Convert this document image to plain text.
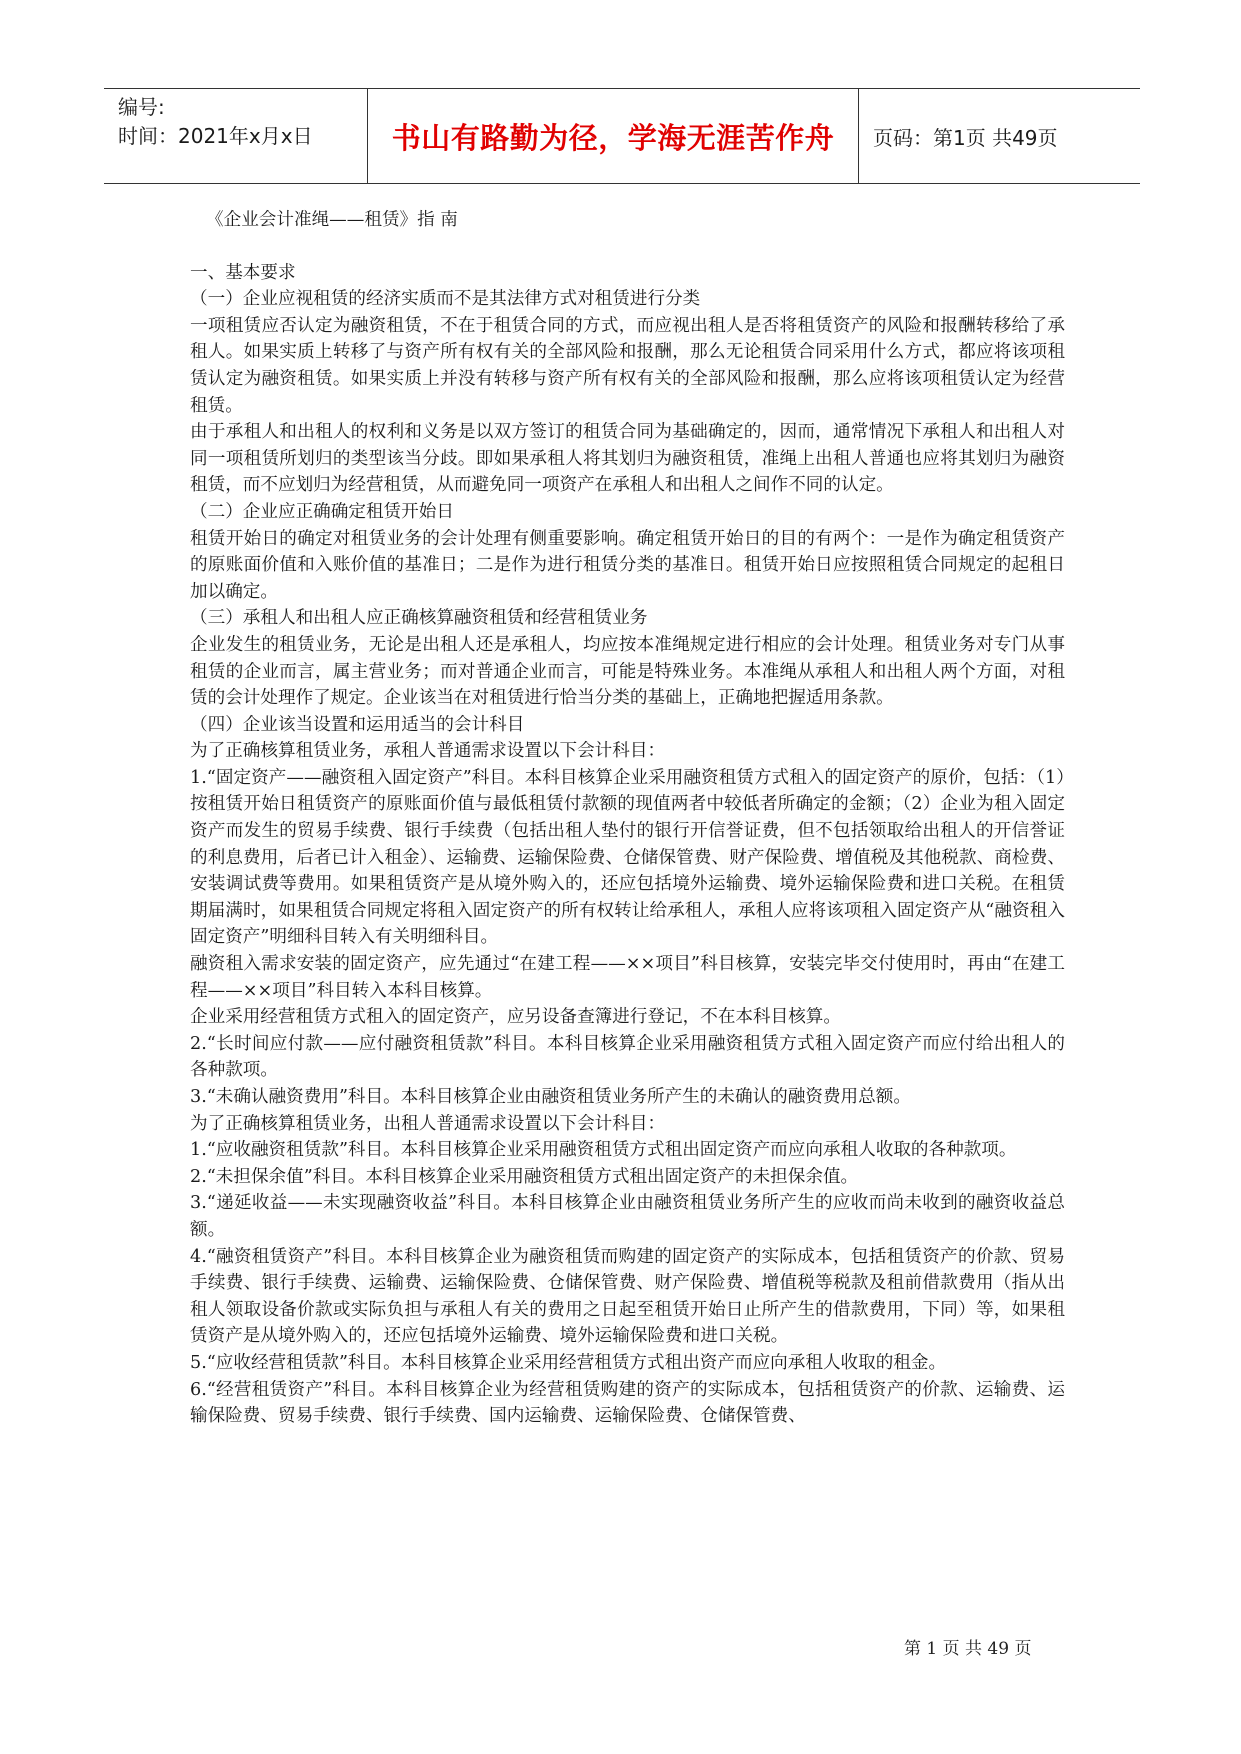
编号:
时间：2021年x月x日	书山有路勤为径，学海无涯苦作舟 页码：第1页 共49页

《企业会计准绳——租赁》指 南

一、基本要求

（一）企业应视租赁的经济实质而不是其法律方式对租赁进行分类

一项租赁应否认定为融资租赁，不在于租赁合同的方式，而应视出租人是否将租赁资产的风险和报酬转移给了承租人。如果实质上转移了与资产所有权有关的全部风险和报酬，那么无论租赁合同采用什么方式，都应将该项租赁认定为融资租赁。如果实质上并没有转移与资产所有权有关的全部风险和报酬，那么应将该项租赁认定为经营租赁。

由于承租人和出租人的权利和义务是以双方签订的租赁合同为基础确定的，因而，通常情况下承租人和出租人对同一项租赁所划归的类型该当分歧。即如果承租人将其划归为融资租赁，准绳上出租人普通也应将其划归为融资租赁，而不应划归为经营租赁，从而避免同一项资产在承租人和出租人之间作不同的认定。

（二）企业应正确确定租赁开始日

租赁开始日的确定对租赁业务的会计处理有侧重要影响。确定租赁开始日的目的有两个：一是作为确定租赁资产的原账面价值和入账价值的基准日；二是作为进行租赁分类的基准日。租赁开始日应按照租赁合同规定的起租日加以确定。

（三）承租人和出租人应正确核算融资租赁和经营租赁业务

企业发生的租赁业务，无论是出租人还是承租人，均应按本准绳规定进行相应的会计处理。租赁业务对专门从事租赁的企业而言，属主营业务；而对普通企业而言，可能是特殊业务。本准绳从承租人和出租人两个方面，对租赁的会计处理作了规定。企业该当在对租赁进行恰当分类的基础上，正确地把握适用条款。

（四）企业该当设置和运用适当的会计科目

为了正确核算租赁业务，承租人普通需求设置以下会计科目：

1.“固定资产——融资租入固定资产”科目。本科目核算企业采用融资租赁方式租入的固定资产的原价，包括：（1）按租赁开始日租赁资产的原账面价值与最低租赁付款额的现值两者中较低者所确定的金额；（2）企业为租入固定资产而发生的贸易手续费、银行手续费（包括出租人垫付的银行开信誉证费，但不包括领取给出租人的开信誉证的利息费用，后者已计入租金）、运输费、运输保险费、仓储保管费、财产保险费、增值税及其他税款、商检费、安装调试费等费用。如果租赁资产是从境外购入的，还应包括境外运输费、境外运输保险费和进口关税。在租赁期届满时，如果租赁合同规定将租入固定资产的所有权转让给承租人，承租人应将该项租入固定资产从“融资租入固定资产”明细科目转入有关明细科目。

融资租入需求安装的固定资产，应先通过“在建工程——××项目”科目核算，安装完毕交付使用时，再由“在建工程——××项目”科目转入本科目核算。

企业采用经营租赁方式租入的固定资产，应另设备查簿进行登记，不在本科目核算。

2.“长时间应付款——应付融资租赁款”科目。本科目核算企业采用融资租赁方式租入固定资产而应付给出租人的各种款项。

3.“未确认融资费用”科目。本科目核算企业由融资租赁业务所产生的未确认的融资费用总额。

为了正确核算租赁业务，出租人普通需求设置以下会计科目：

1.“应收融资租赁款”科目。本科目核算企业采用融资租赁方式租出固定资产而应向承租人收取的各种款项。

2.“未担保余值”科目。本科目核算企业采用融资租赁方式租出固定资产的未担保余值。

3.“递延收益——未实现融资收益”科目。本科目核算企业由融资租赁业务所产生的应收而尚未收到的融资收益总额。

4.“融资租赁资产”科目。本科目核算企业为融资租赁而购建的固定资产的实际成本，包括租赁资产的价款、贸易手续费、银行手续费、运输费、运输保险费、仓储保管费、财产保险费、增值税等税款及租前借款费用（指从出租人领取设备价款或实际负担与承租人有关的费用之日起至租赁开始日止所产生的借款费用，下同）等，如果租赁资产是从境外购入的，还应包括境外运输费、境外运输保险费和进口关税。

5.“应收经营租赁款”科目。本科目核算企业采用经营租赁方式租出资产而应向承租人收取的租金。

6.“经营租赁资产”科目。本科目核算企业为经营租赁购建的资产的实际成本，包括租赁资产的价款、运输费、运输保险费、贸易手续费、银行手续费、国内运输费、运输保险费、仓储保管费、

第 1 页 共 49 页
